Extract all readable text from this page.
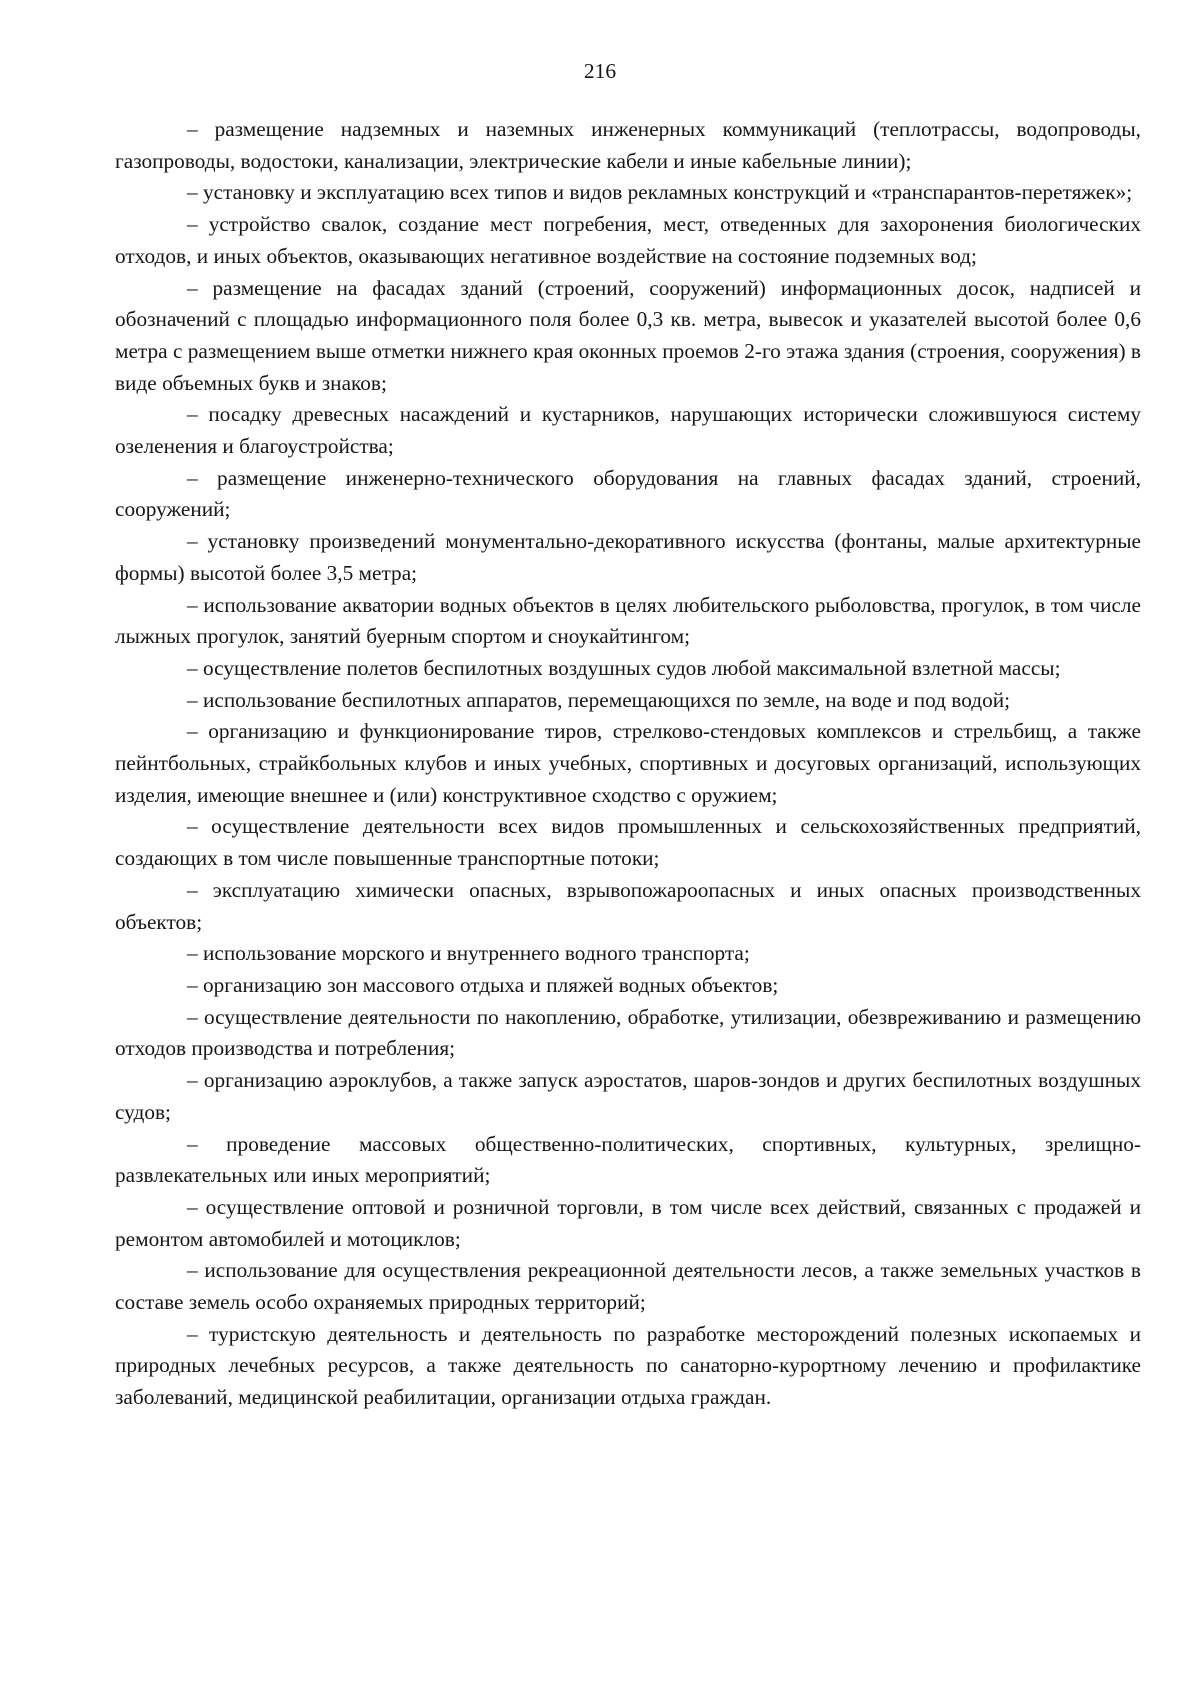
216

– размещение надземных и наземных инженерных коммуникаций (теплотрассы, водопроводы, газопроводы, водостоки, канализации, электрические кабели и иные кабельные линии);

– установку и эксплуатацию всех типов и видов рекламных конструкций и «транспарантов-перетяжек»;

– устройство свалок, создание мест погребения, мест, отведенных для захоронения биологических отходов, и иных объектов, оказывающих негативное воздействие на состояние подземных вод;

– размещение на фасадах зданий (строений, сооружений) информационных досок, надписей и обозначений с площадью информационного поля более 0,3 кв. метра, вывесок и указателей высотой более 0,6 метра с размещением выше отметки нижнего края оконных проемов 2-го этажа здания (строения, сооружения) в виде объемных букв и знаков;

– посадку древесных насаждений и кустарников, нарушающих исторически сложившуюся систему озеленения и благоустройства;

– размещение инженерно-технического оборудования на главных фасадах зданий, строений, сооружений;

– установку произведений монументально-декоративного искусства (фонтаны, малые архитектурные формы) высотой более 3,5 метра;

– использование акватории водных объектов в целях любительского рыболовства, прогулок, в том числе лыжных прогулок, занятий буерным спортом и сноукайтингом;

– осуществление полетов беспилотных воздушных судов любой максимальной взлетной массы;

– использование беспилотных аппаратов, перемещающихся по земле, на воде и под водой;

– организацию и функционирование тиров, стрелково-стендовых комплексов и стрельбищ, а также пейнтбольных, страйкбольных клубов и иных учебных, спортивных и досуговых организаций, использующих изделия, имеющие внешнее и (или) конструктивное сходство с оружием;

– осуществление деятельности всех видов промышленных и сельскохозяйственных предприятий, создающих в том числе повышенные транспортные потоки;

– эксплуатацию химически опасных, взрывопожароопасных и иных опасных производственных объектов;

– использование морского и внутреннего водного транспорта;

– организацию зон массового отдыха и пляжей водных объектов;

– осуществление деятельности по накоплению, обработке, утилизации, обезвреживанию и размещению отходов производства и потребления;

– организацию аэроклубов, а также запуск аэростатов, шаров-зондов и других беспилотных воздушных судов;

– проведение массовых общественно-политических, спортивных, культурных, зрелищно-развлекательных или иных мероприятий;

– осуществление оптовой и розничной торговли, в том числе всех действий, связанных с продажей и ремонтом автомобилей и мотоциклов;

– использование для осуществления рекреационной деятельности лесов, а также земельных участков в составе земель особо охраняемых природных территорий;

– туристскую деятельность и деятельность по разработке месторождений полезных ископаемых и природных лечебных ресурсов, а также деятельность по санаторно-курортному лечению и профилактике заболеваний, медицинской реабилитации, организации отдыха граждан.
